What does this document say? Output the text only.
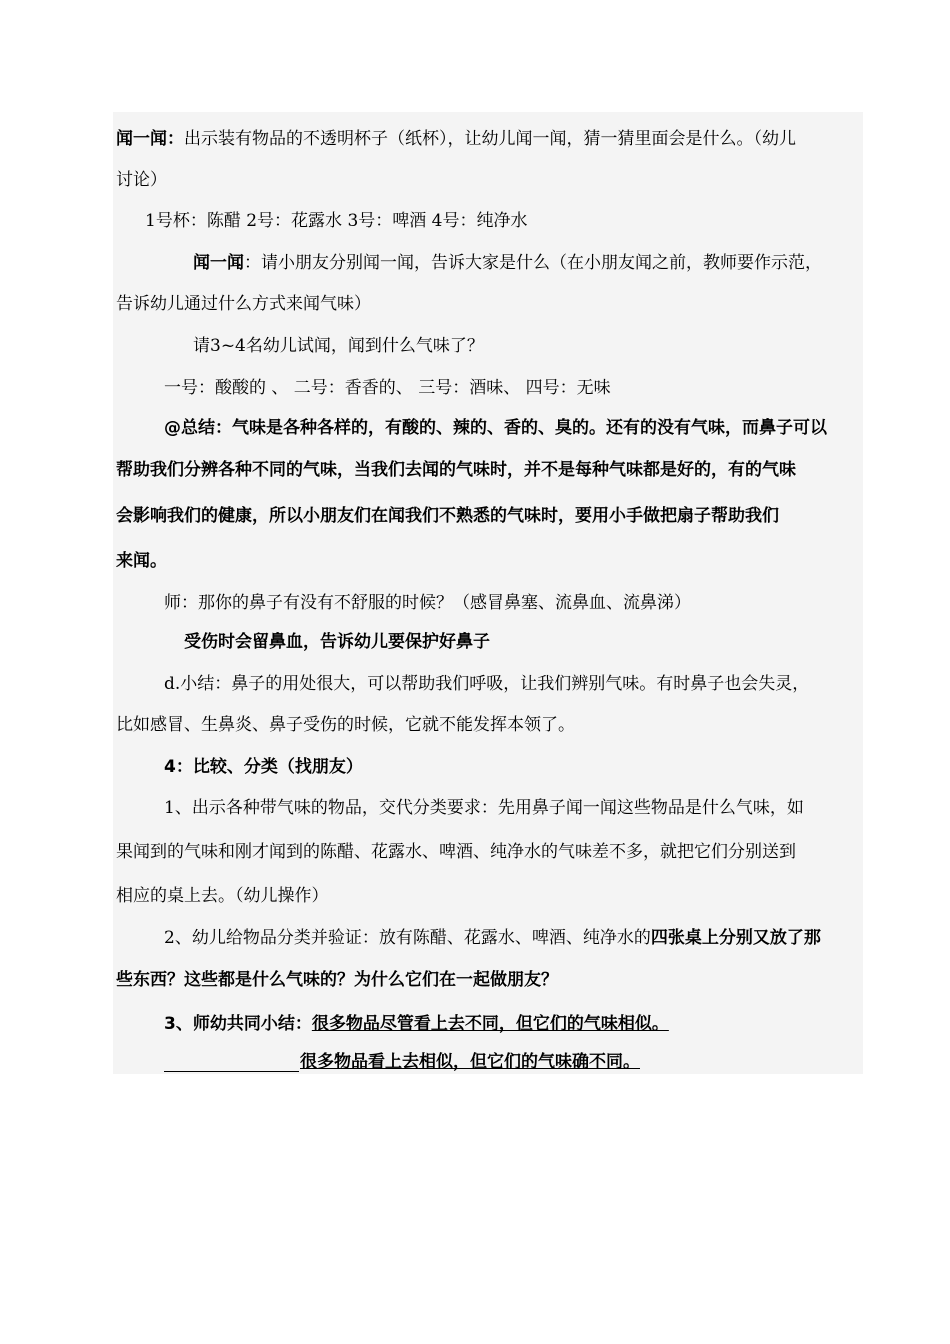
闻一闻：出示装有物品的不透明杯子（纸杯），让幼儿闻一闻，猜一猜里面会是什么。（幼儿
讨论）
1号杯：陈醋 2号：花露水 3号：啤酒 4号：纯净水
闻一闻：请小朋友分别闻一闻，告诉大家是什么（在小朋友闻之前，教师要作示范，
告诉幼儿通过什么方式来闻气味）
请3~4名幼儿试闻，闻到什么气味了？
一号：酸酸的 、 二号：香香的、 三号：酒味、 四号：无味
@总结：气味是各种各样的，有酸的、辣的、香的、臭的。还有的没有气味，而鼻子可以
帮助我们分辨各种不同的气味，当我们去闻的气味时，并不是每种气味都是好的，有的气味
会影响我们的健康，所以小朋友们在闻我们不熟悉的气味时，要用小手做把扇子帮助我们
来闻。
师：那你的鼻子有没有不舒服的时候？（感冒鼻塞、流鼻血、流鼻涕）
受伤时会留鼻血，告诉幼儿要保护好鼻子
d.小结：鼻子的用处很大，可以帮助我们呼吸，让我们辨别气味。有时鼻子也会失灵，
比如感冒、生鼻炎、鼻子受伤的时候，它就不能发挥本领了。
4：比较、分类（找朋友）
1、出示各种带气味的物品，交代分类要求：先用鼻子闻一闻这些物品是什么气味，如
果闻到的气味和刚才闻到的陈醋、花露水、啤酒、纯净水的气味差不多，就把它们分别送到
相应的桌上去。（幼儿操作）
2、幼儿给物品分类并验证：放有陈醋、花露水、啤酒、纯净水的四张桌上分别又放了那
些东西？这些都是什么气味的？为什么它们在一起做朋友？
3、师幼共同小结：很多物品尽管看上去不同，但它们的气味相似。
很多物品看上去相似，但它们的气味确不同。
